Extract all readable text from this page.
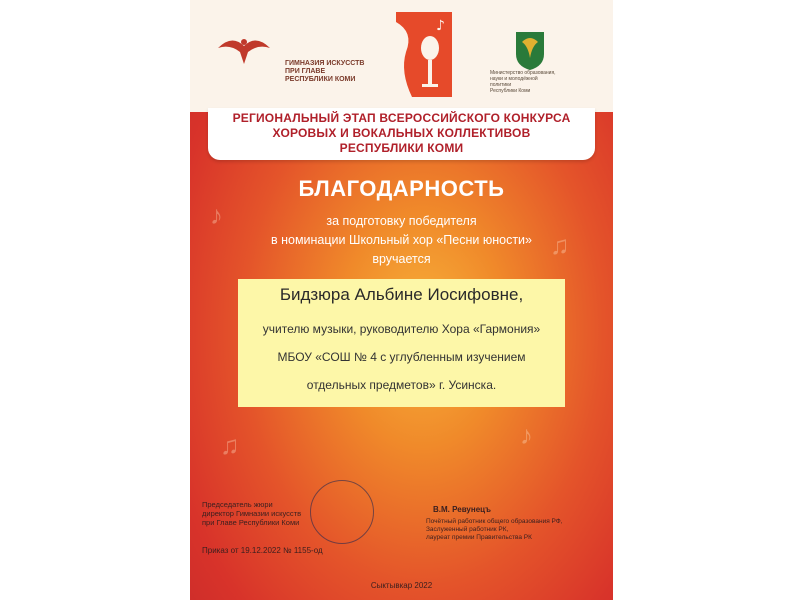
ГИМНАЗИЯ ИСКУССТВ
ПРИ ГЛАВЕ
РЕСПУБЛИКИ КОМИ
♪
Министерство образования,
науки и молодёжной политики
Республики Коми
♪
♫
♪
♫
РЕГИОНАЛЬНЫЙ ЭТАП ВСЕРОССИЙСКОГО КОНКУРСА
ХОРОВЫХ И ВОКАЛЬНЫХ КОЛЛЕКТИВОВ
РЕСПУБЛИКИ КОМИ
БЛАГОДАРНОСТЬ
за подготовку победителя
в номинации Школьный хор «Песни юности»
вручается
Бидзюра Альбине Иосифовне,
учителю музыки, руководителю Хора «Гармония»
МБОУ «СОШ № 4 с углубленным изучением
отдельных предметов» г. Усинска.
Председатель жюри
директор Гимназии искусств
при Главе Республики Коми
Приказ от 19.12.2022 № 1155-од
В.М. Ревунецъ
Почётный работник общего образования РФ,
Заслуженный работник РК,
лауреат премии Правительства РК
Сыктывкар 2022
